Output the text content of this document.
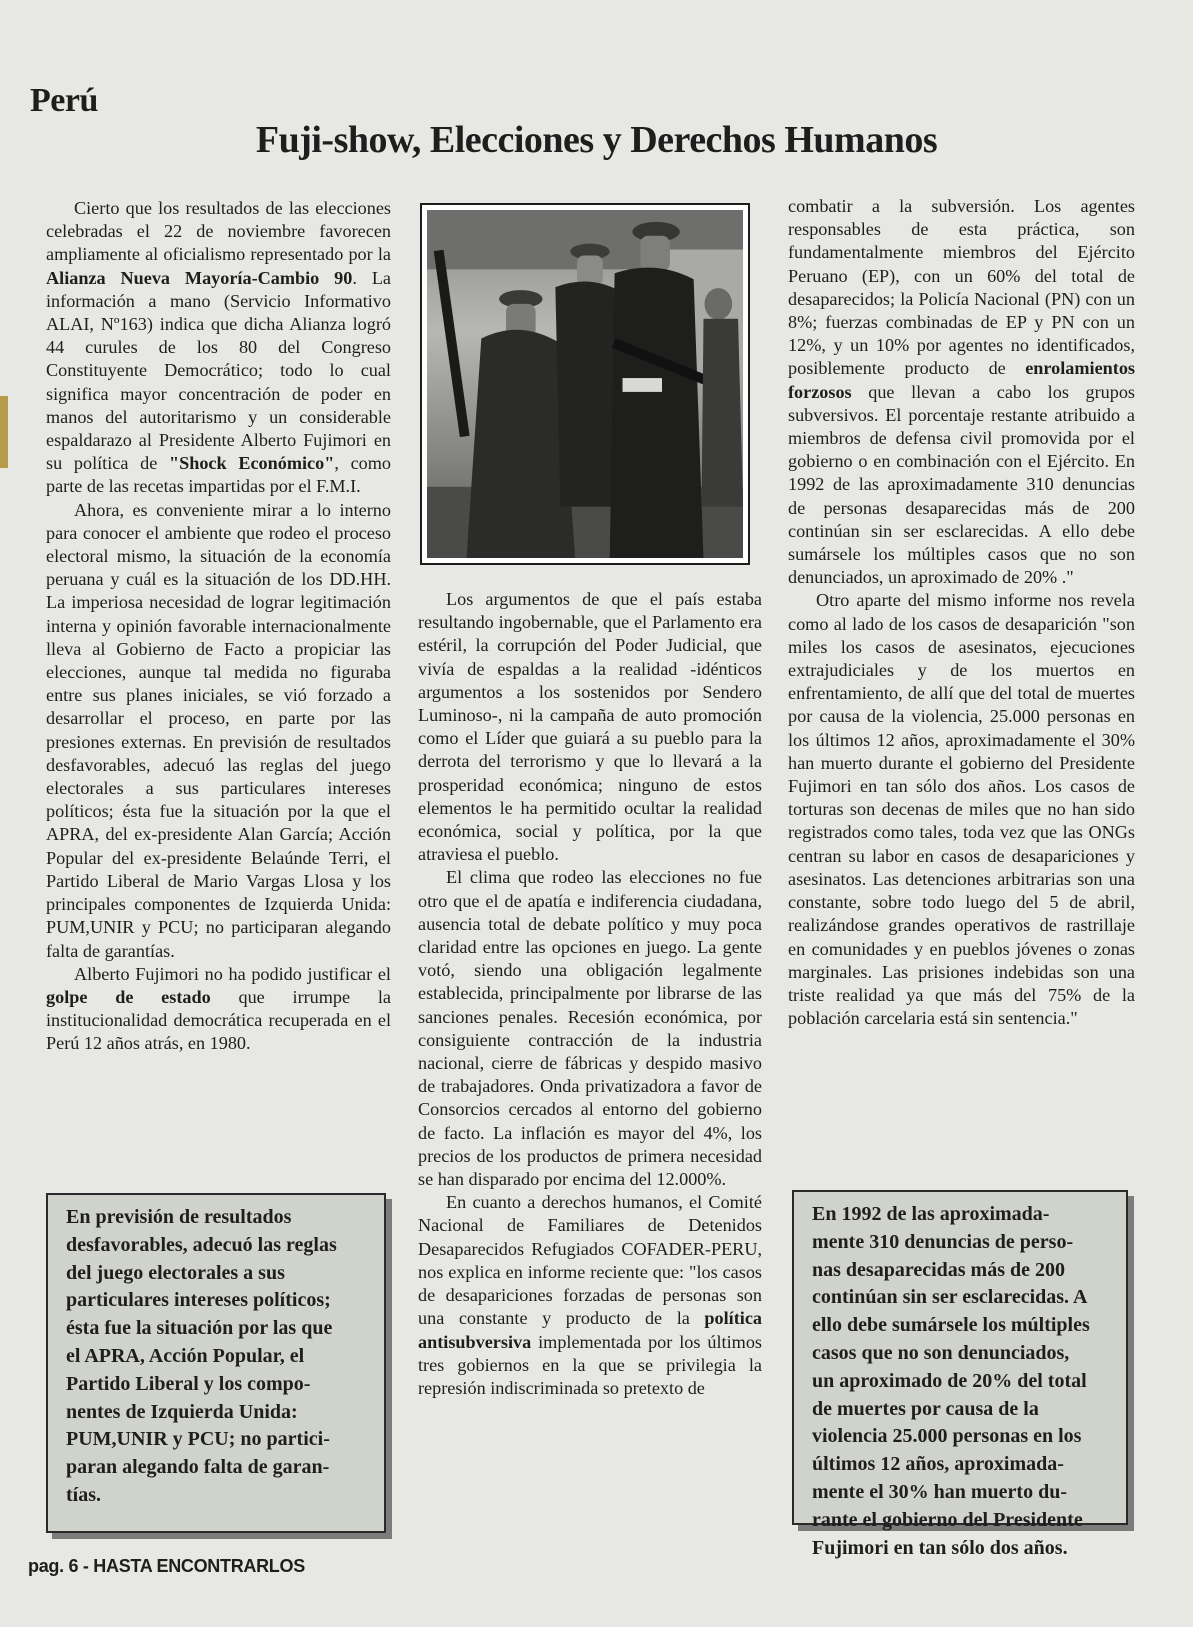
Perú
Fuji-show, Elecciones y Derechos Humanos

Cierto que los resultados de las elecciones celebradas el 22 de noviembre favorecen ampliamente al oficialismo representado por la Alianza Nueva Mayoría-Cambio 90. La información a mano (Servicio Informativo ALAI, Nº163) indica que dicha Alianza logró 44 curules de los 80 del Congreso Constituyente Democrático; todo lo cual significa mayor concentración de poder en manos del autoritarismo y un considerable espaldarazo al Presidente Alberto Fujimori en su política de "Shock Económico", como parte de las recetas impartidas por el F.M.I.

Ahora, es conveniente mirar a lo interno para conocer el ambiente que rodeo el proceso electoral mismo, la situación de la economía peruana y cuál es la situación de los DD.HH. La imperiosa necesidad de lograr legitimación interna y opinión favorable internacionalmente lleva al Gobierno de Facto a propiciar las elecciones, aunque tal medida no figuraba entre sus planes iniciales, se vió forzado a desarrollar el proceso, en parte por las presiones externas. En previsión de resultados desfavorables, adecuó las reglas del juego electorales a sus particulares intereses políticos; ésta fue la situación por la que el APRA, del ex-presidente Alan García; Acción Popular del ex-presidente Belaúnde Terri, el Partido Liberal de Mario Vargas Llosa y los principales componentes de Izquierda Unida: PUM,UNIR y PCU; no participaran alegando falta de garantías.

Alberto Fujimori no ha podido justificar el golpe de estado que irrumpe la institucionalidad democrática recuperada en el Perú 12 años atrás, en 1980.

Los argumentos de que el país estaba resultando ingobernable, que el Parlamento era estéril, la corrupción del Poder Judicial, que vivía de espaldas a la realidad -idénticos argumentos a los sostenidos por Sendero Luminoso-, ni la campaña de auto promoción como el Líder que guiará a su pueblo para la derrota del terrorismo y que lo llevará a la prosperidad económica; ninguno de estos elementos le ha permitido ocultar la realidad económica, social y política, por la que atraviesa el pueblo.

El clima que rodeo las elecciones no fue otro que el de apatía e indiferencia ciudadana, ausencia total de debate político y muy poca claridad entre las opciones en juego. La gente votó, siendo una obligación legalmente establecida, principalmente por librarse de las sanciones penales. Recesión económica, por consiguiente contracción de la industria nacional, cierre de fábricas y despido masivo de trabajadores. Onda privatizadora a favor de Consorcios cercados al entorno del gobierno de facto. La inflación es mayor del 4%, los precios de los productos de primera necesidad se han disparado por encima del 12.000%.

En cuanto a derechos humanos, el Comité Nacional de Familiares de Detenidos Desaparecidos Refugiados COFADER-PERU, nos explica en informe reciente que: "los casos de desapariciones forzadas de personas son una constante y producto de la política antisubversiva implementada por los últimos tres gobiernos en la que se privilegia la represión indiscriminada so pretexto de

combatir a la subversión. Los agentes responsables de esta práctica, son fundamentalmente miembros del Ejército Peruano (EP), con un 60% del total de desaparecidos; la Policía Nacional (PN) con un 8%; fuerzas combinadas de EP y PN con un 12%, y un 10% por agentes no identificados, posiblemente producto de enrolamientos forzosos que llevan a cabo los grupos subversivos. El porcentaje restante atribuido a miembros de defensa civil promovida por el gobierno o en combinación con el Ejército. En 1992 de las aproximadamente 310 denuncias de personas desaparecidas más de 200 continúan sin ser esclarecidas. A ello debe sumársele los múltiples casos que no son denunciados, un aproximado de 20% ."

Otro aparte del mismo informe nos revela como al lado de los casos de desaparición "son miles los casos de asesinatos, ejecuciones extrajudiciales y de los muertos en enfrentamiento, de allí que del total de muertes por causa de la violencia, 25.000 personas en los últimos 12 años, aproximadamente el 30% han muerto durante el gobierno del Presidente Fujimori en tan sólo dos años. Los casos de torturas son decenas de miles que no han sido registrados como tales, toda vez que las ONGs centran su labor en casos de desapariciones y asesinatos. Las detenciones arbitrarias son una constante, sobre todo luego del 5 de abril, realizándose grandes operativos de rastrillaje en comunidades y en pueblos jóvenes o zonas marginales. Las prisiones indebidas son una triste realidad ya que más del 75% de la población carcelaria está sin sentencia."

En previsión de resultados
desfavorables, adecuó las reglas
del juego electorales a sus
particulares intereses políticos;
ésta fue la situación por las que
el APRA, Acción Popular, el
Partido Liberal y los compo-
nentes de Izquierda Unida:
PUM,UNIR y PCU; no partici-
paran alegando falta de garan-
tías.
En 1992 de las aproximada-
mente 310 denuncias de perso-
nas desaparecidas más de 200
continúan sin ser esclarecidas. A
ello debe sumársele los múltiples
casos que no son denunciados,
un aproximado de 20% del total
de muertes por causa de la
violencia 25.000 personas en los
últimos 12 años, aproximada-
mente el 30% han muerto du-
rante el gobierno del Presidente
Fujimori en tan sólo dos años.
pag. 6 - HASTA ENCONTRARLOS
